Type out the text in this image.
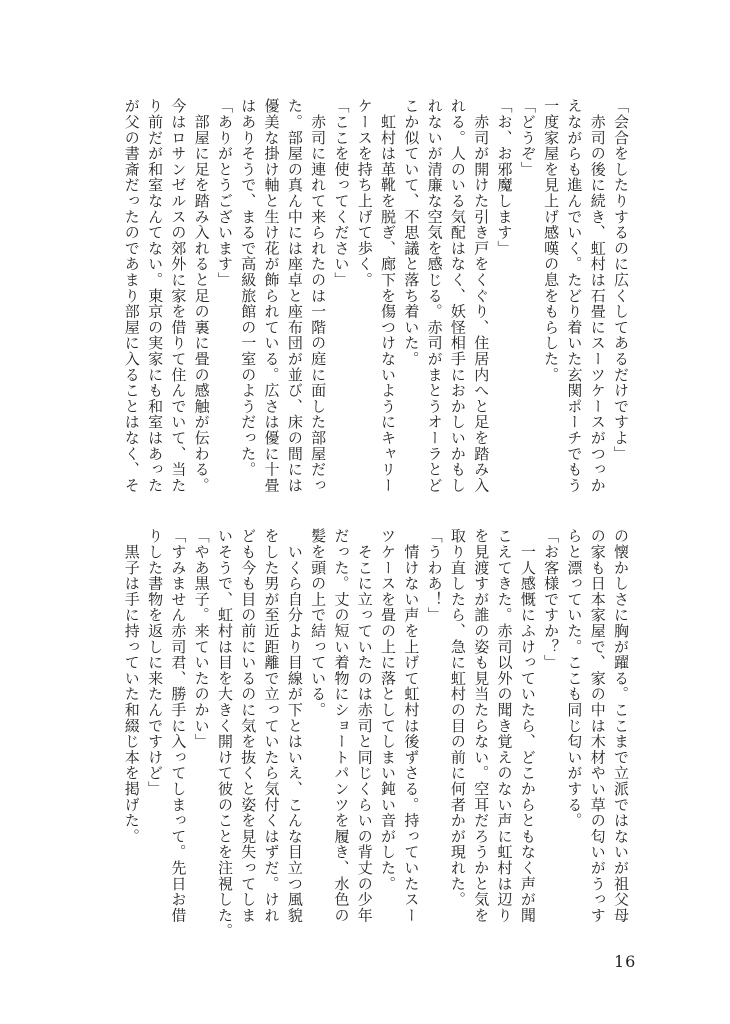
「会合をしたりするのに広くしてあるだけですよ」
　赤司の後に続き、虹村は石畳にスーツケースがつっか
えながらも進んでいく。たどり着いた玄関ポーチでもう
一度家屋を見上げ感嘆の息をもらした。
「どうぞ」
「お、お邪魔します」
　赤司が開けた引き戸をくぐり、住居内へと足を踏み入
れる。人のいる気配はなく、妖怪相手におかしいかもし
れないが清廉な空気を感じる。赤司がまとうオーラとど
こか似ていて、不思議と落ち着いた。
　虹村は革靴を脱ぎ、廊下を傷つけないようにキャリー
ケースを持ち上げて歩く。
「ここを使ってください」
　赤司に連れて来られたのは一階の庭に面した部屋だっ
た。部屋の真ん中には座卓と座布団が並び、床の間には
優美な掛け軸と生け花が飾られている。広さは優に十畳
はありそうで、まるで高級旅館の一室のようだった。
「ありがとうございます」
　部屋に足を踏み入れると足の裏に畳の感触が伝わる。
今はロサンゼルスの郊外に家を借りて住んでいて、当た
り前だが和室なんてない。東京の実家にも和室はあった
が父の書斎だったのであまり部屋に入ることはなく、そ
の懐かしさに胸が躍る。ここまで立派ではないが祖父母
の家も日本家屋で、家の中は木材やい草の匂いがうっす
らと漂っていた。ここも同じ匂いがする。
「お客様ですか？」
　一人感慨にふけっていたら、どこからともなく声が聞
こえてきた。赤司以外の聞き覚えのない声に虹村は辺り
を見渡すが誰の姿も見当たらない。空耳だろうかと気を
取り直したら、急に虹村の目の前に何者かが現れた。
「うわあ！」
　情けない声を上げて虹村は後ずさる。持っていたスー
ツケースを畳の上に落としてしまい鈍い音がした。
　そこに立っていたのは赤司と同じくらいの背丈の少年
だった。丈の短い着物にショートパンツを履き、水色の
髪を頭の上で結っている。
　いくら自分より目線が下とはいえ、こんな目立つ風貌
をした男が至近距離で立っていたら気付くはずだ。けれ
ども今も目の前にいるのに気を抜くと姿を見失ってしま
いそうで、虹村は目を大きく開けて彼のことを注視した。
「やあ黒子。来ていたのかい」
「すみません赤司君、勝手に入ってしまって。先日お借
りした書物を返しに来たんですけど」
　黒子は手に持っていた和綴じ本を掲げた。
16
